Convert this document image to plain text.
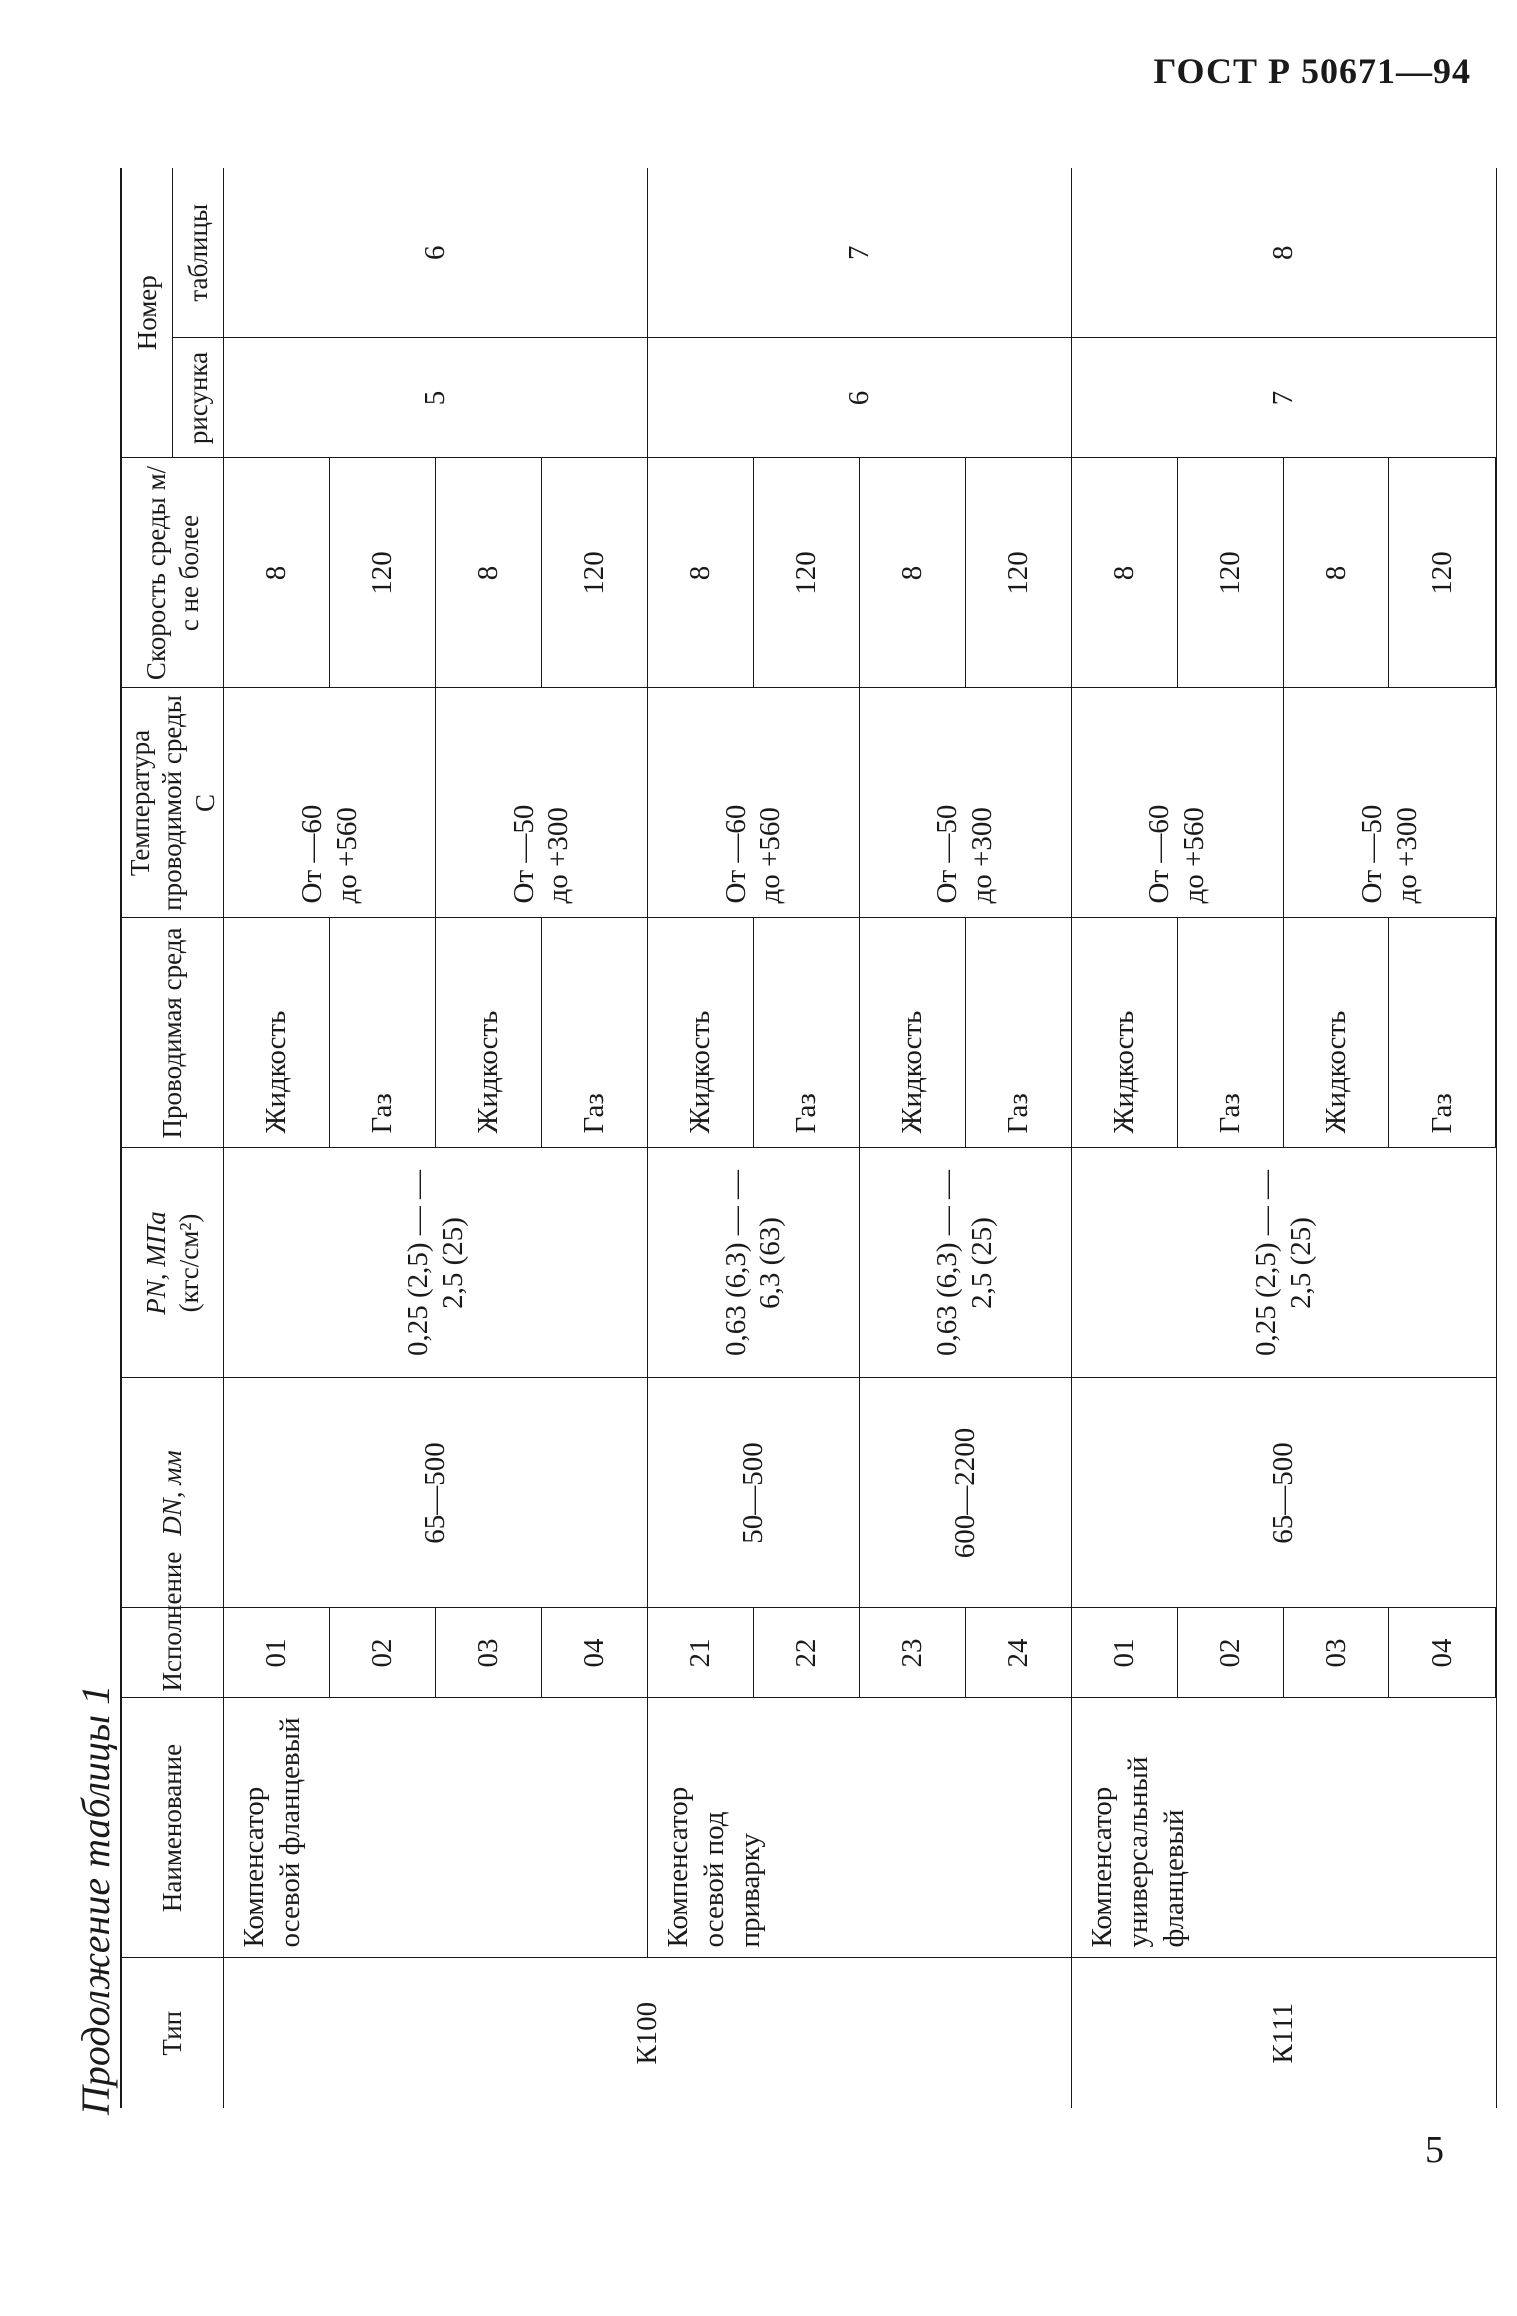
ГОСТ Р 50671—94
Продолжение таблицы 1 Тип	Наименование	Исполнение	DN, мм	PN, МПа (кгс/см²)	Проводимая среда	Температура проводимой среды С	Скорость среды м/с не более	Номер	
								рисунка	таблицы
К100	Компенсатор осевой фланцевый	01	65—500	0,25 (2,5) — —2,5 (25)	Жидкость	От —60 до +560	8	5	6
		02			Газ		120		
		03			Жидкость	От —50 до +300	8		
		04			Газ		120		
	Компенсатор осевой под приварку	21	50—500	0,63 (6,3) — —6,3 (63)	Жидкость	От —60 до +560	8	6	7
		22			Газ		120		
		23	600—2200	0,63 (6,3) — —2,5 (25)	Жидкость	От —50 до +300	8		
		24			Газ		120		
К111	Компенсатор универсальный фланцевый	01	65—500	0,25 (2,5) — —2,5 (25)	Жидкость	От —60 до +560	8	7	8
		02			Газ		120		
		03			Жидкость	От —50 до +300	8		
		04			Газ		120		
5
